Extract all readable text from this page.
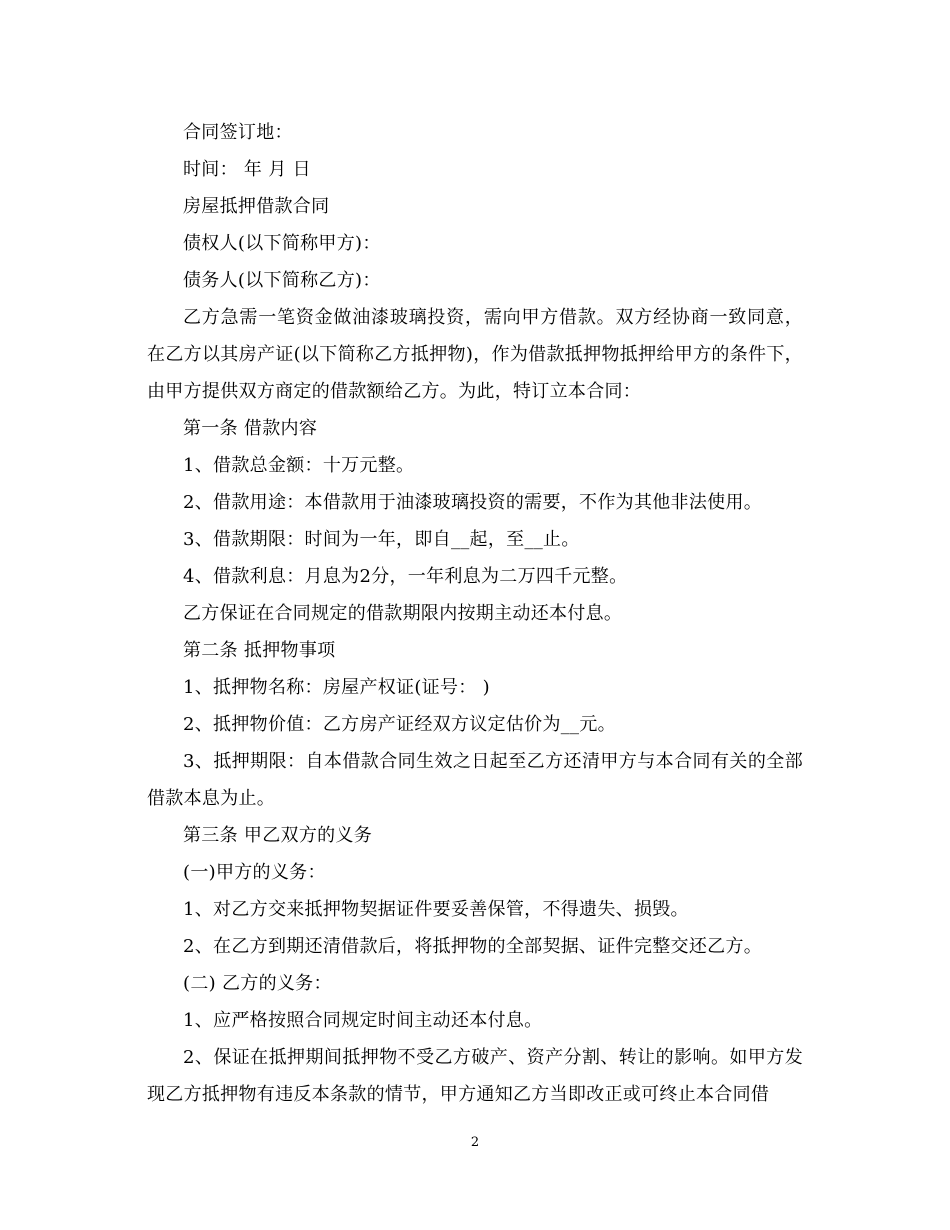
合同签订地：

时间： 年 月 日

房屋抵押借款合同

债权人(以下简称甲方)：

债务人(以下简称乙方)：

乙方急需一笔资金做油漆玻璃投资，需向甲方借款。双方经协商一致同意，在乙方以其房产证(以下简称乙方抵押物)，作为借款抵押物抵押给甲方的条件下，由甲方提供双方商定的借款额给乙方。为此，特订立本合同：

第一条 借款内容

1、借款总金额：十万元整。

2、借款用途：本借款用于油漆玻璃投资的需要，不作为其他非法使用。

3、借款期限：时间为一年，即自__起，至__止。

4、借款利息：月息为2分，一年利息为二万四千元整。

乙方保证在合同规定的借款期限内按期主动还本付息。

第二条 抵押物事项

1、抵押物名称：房屋产权证(证号： )

2、抵押物价值：乙方房产证经双方议定估价为__元。

3、抵押期限：自本借款合同生效之日起至乙方还清甲方与本合同有关的全部借款本息为止。

第三条 甲乙双方的义务

(一)甲方的义务：

1、对乙方交来抵押物契据证件要妥善保管，不得遗失、损毁。

2、在乙方到期还清借款后，将抵押物的全部契据、证件完整交还乙方。

(二) 乙方的义务：

1、应严格按照合同规定时间主动还本付息。

2、保证在抵押期间抵押物不受乙方破产、资产分割、转让的影响。如甲方发现乙方抵押物有违反本条款的情节，甲方通知乙方当即改正或可终止本合同借

2
